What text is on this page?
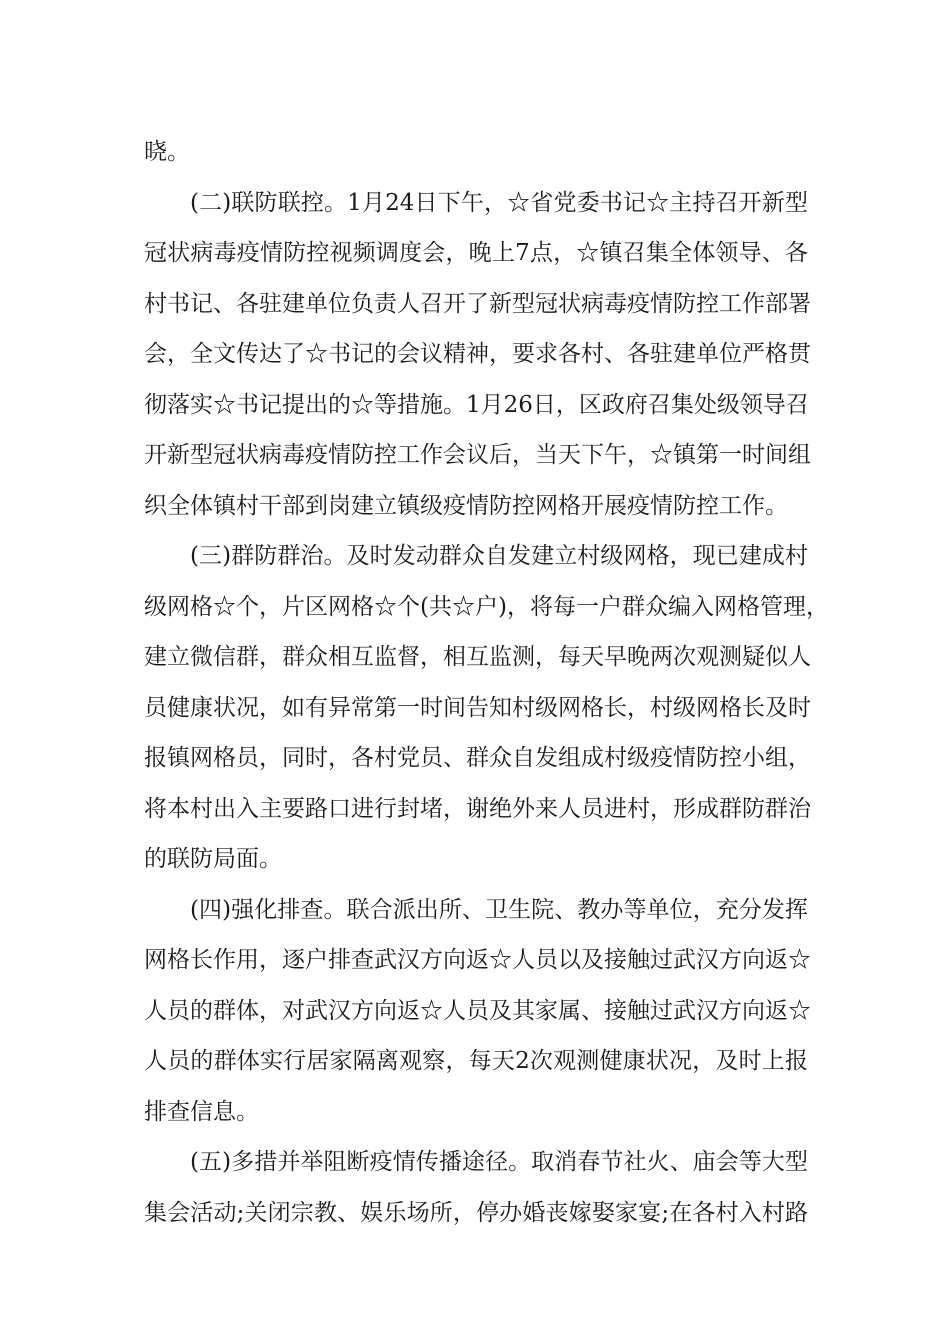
晓。
(二)联防联控。1月24日下午，☆省党委书记☆主持召开新型
冠状病毒疫情防控视频调度会，晚上7点，☆镇召集全体领导、各
村书记、各驻建单位负责人召开了新型冠状病毒疫情防控工作部署
会，全文传达了☆书记的会议精神，要求各村、各驻建单位严格贯
彻落实☆书记提出的☆等措施。1月26日，区政府召集处级领导召
开新型冠状病毒疫情防控工作会议后，当天下午，☆镇第一时间组
织全体镇村干部到岗建立镇级疫情防控网格开展疫情防控工作。
(三)群防群治。及时发动群众自发建立村级网格，现已建成村
级网格☆个，片区网格☆个(共☆户)，将每一户群众编入网格管理，
建立微信群，群众相互监督，相互监测，每天早晚两次观测疑似人
员健康状况，如有异常第一时间告知村级网格长，村级网格长及时
报镇网格员，同时，各村党员、群众自发组成村级疫情防控小组，
将本村出入主要路口进行封堵，谢绝外来人员进村，形成群防群治
的联防局面。
(四)强化排查。联合派出所、卫生院、教办等单位，充分发挥
网格长作用，逐户排查武汉方向返☆人员以及接触过武汉方向返☆
人员的群体，对武汉方向返☆人员及其家属、接触过武汉方向返☆
人员的群体实行居家隔离观察，每天2次观测健康状况，及时上报
排查信息。
(五)多措并举阻断疫情传播途径。取消春节社火、庙会等大型
集会活动;关闭宗教、娱乐场所，停办婚丧嫁娶家宴;在各村入村路
